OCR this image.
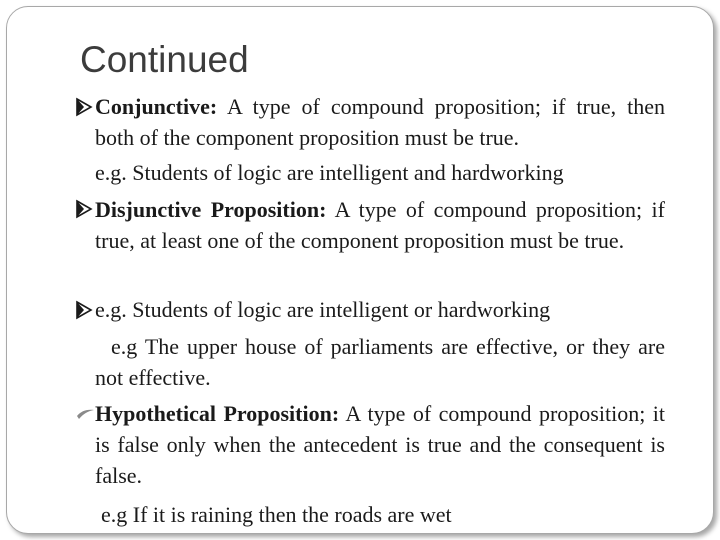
Continued

Conjunctive: A type of compound proposition; if true, then both of the component proposition must be true.

e.g. Students of logic are intelligent and hardworking

Disjunctive Proposition: A type of compound proposition; if true, at least one of the component proposition must be true.

e.g. Students of logic are intelligent or hardworking

e.g The upper house of parliaments are effective, or they are not effective.

Hypothetical Proposition: A type of compound proposition; it is false only when the antecedent is true and the consequent is false.

e.g If it is raining then the roads are wet
